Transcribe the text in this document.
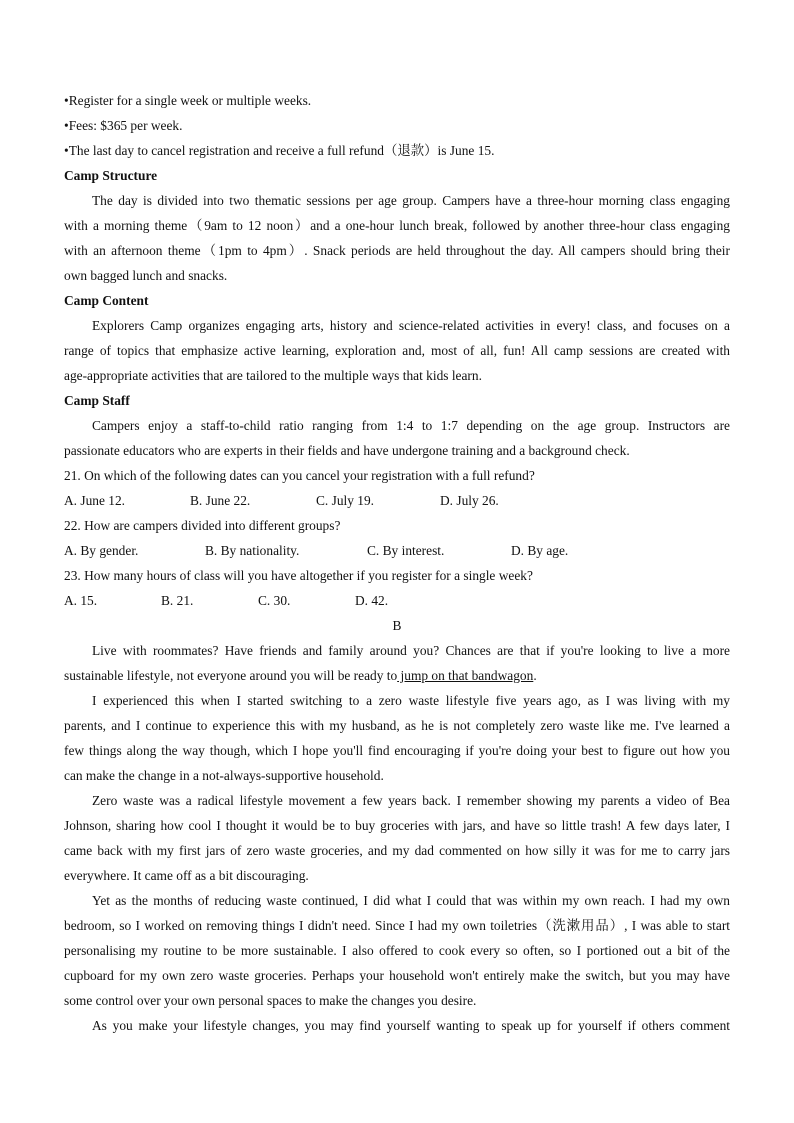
•Register for a single week or multiple weeks.
•Fees: $365 per week.
•The last day to cancel registration and receive a full refund（退款）is June 15.
Camp Structure
The day is divided into two thematic sessions per age group. Campers have a three-hour morning class engaging
with a morning theme（9am to 12 noon）and a one-hour lunch break, followed by another three-hour class engaging
with an afternoon theme（1pm to 4pm）. Snack periods are held throughout the day. All campers should bring their
own bagged lunch and snacks.
Camp Content
Explorers Camp organizes engaging arts, history and science-related activities in every! class, and focuses on a
range of topics that emphasize active learning, exploration and, most of all, fun! All camp sessions are created with
age-appropriate activities that are tailored to the multiple ways that kids learn.
Camp Staff
Campers enjoy a staff-to-child ratio ranging from 1:4 to 1:7 depending on the age group. Instructors are
passionate educators who are experts in their fields and have undergone training and a background check.
21. On which of the following dates can you cancel your registration with a full refund?
A. June 12.	B. June 22.	C. July 19.	D. July 26.
22. How are campers divided into different groups?
A. By gender.	B. By nationality.	C. By interest.	D. By age.
23. How many hours of class will you have altogether if you register for a single week?
A. 15.	B. 21.	C. 30.	D. 42.
B
Live with roommates? Have friends and family around you? Chances are that if you're looking to live a more
sustainable lifestyle, not everyone around you will be ready to jump on that bandwagon.
I experienced this when I started switching to a zero waste lifestyle five years ago, as I was living with my
parents, and I continue to experience this with my husband, as he is not completely zero waste like me. I've learned a
few things along the way though, which I hope you'll find encouraging if you're doing your best to figure out how you
can make the change in a not-always-supportive household.
Zero waste was a radical lifestyle movement a few years back. I remember showing my parents a video of Bea
Johnson, sharing how cool I thought it would be to buy groceries with jars, and have so little trash! A few days later, I
came back with my first jars of zero waste groceries, and my dad commented on how silly it was for me to carry jars
everywhere. It came off as a bit discouraging.
Yet as the months of reducing waste continued, I did what I could that was within my own reach. I had my own
bedroom, so I worked on removing things I didn't need. Since I had my own toiletries（洗漱用品）, I was able to start
personalising my routine to be more sustainable. I also offered to cook every so often, so I portioned out a bit of the
cupboard for my own zero waste groceries. Perhaps your household won't entirely make the switch, but you may have
some control over your own personal spaces to make the changes you desire.
As you make your lifestyle changes, you may find yourself wanting to speak up for yourself if others comment
